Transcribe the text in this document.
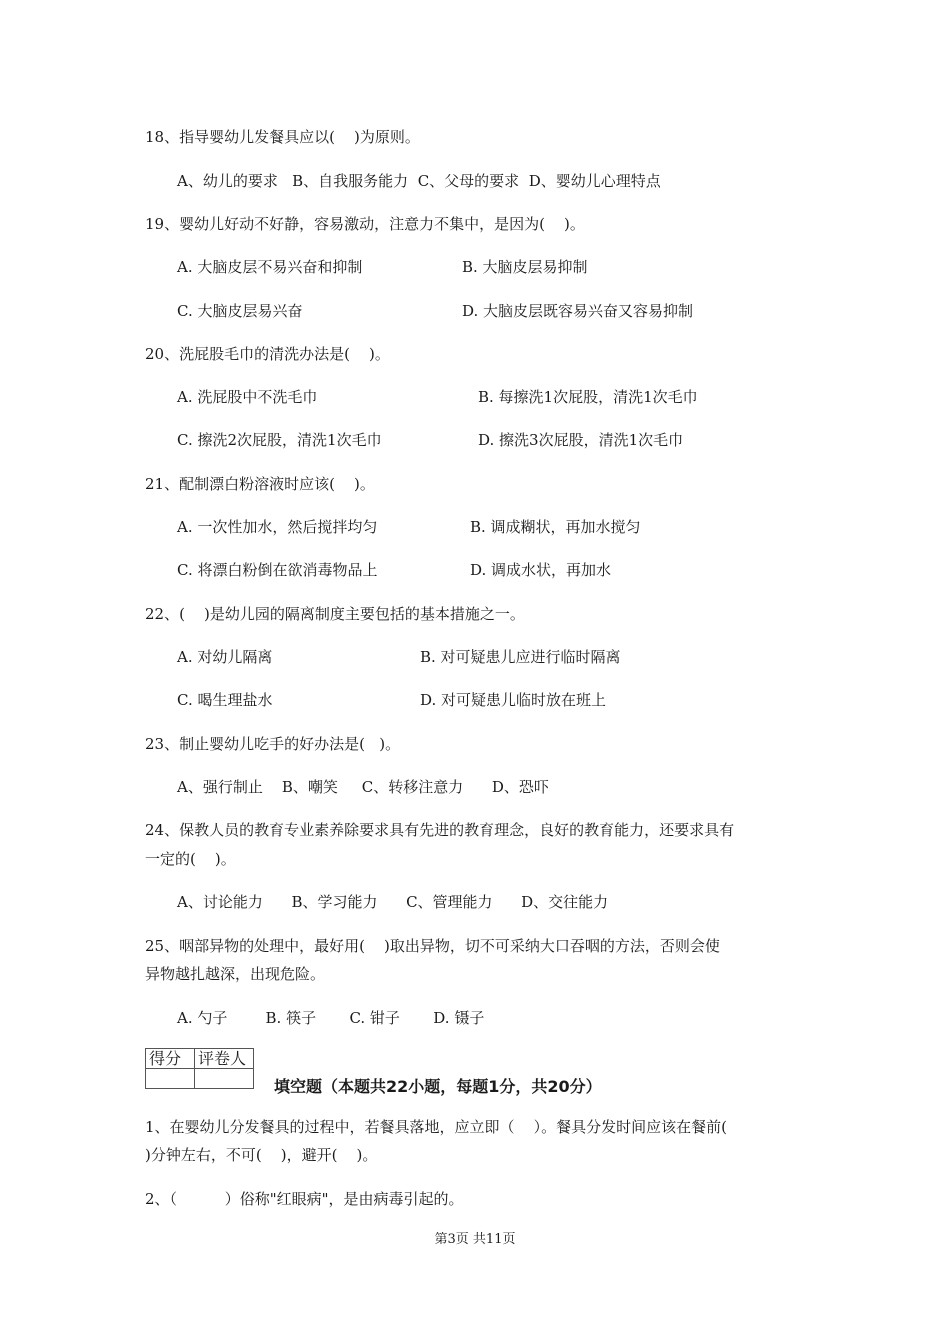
18、指导婴幼儿发餐具应以(    )为原则。
A、幼儿的要求   B、自我服务能力  C、父母的要求  D、婴幼儿心理特点
19、婴幼儿好动不好静，容易激动，注意力不集中，是因为(    )。
A. 大脑皮层不易兴奋和抑制	B. 大脑皮层易抑制
C. 大脑皮层易兴奋	D. 大脑皮层既容易兴奋又容易抑制
20、洗屁股毛巾的清洗办法是(    )。
A. 洗屁股中不洗毛巾	B. 每擦洗1次屁股，清洗1次毛巾
C. 擦洗2次屁股，清洗1次毛巾	D. 擦洗3次屁股，清洗1次毛巾
21、配制漂白粉溶液时应该(    )。
A. 一次性加水，然后搅拌均匀	B. 调成糊状，再加水搅匀
C. 将漂白粉倒在欲消毒物品上	D. 调成水状，再加水
22、(    )是幼儿园的隔离制度主要包括的基本措施之一。
A. 对幼儿隔离	B. 对可疑患儿应进行临时隔离
C. 喝生理盐水	D. 对可疑患儿临时放在班上
23、制止婴幼儿吃手的好办法是(   )。
A、强行制止    B、嘲笑     C、转移注意力      D、恐吓
24、保教人员的教育专业素养除要求具有先进的教育理念，良好的教育能力，还要求具有
一定的(    )。
A、讨论能力      B、学习能力      C、管理能力      D、交往能力
25、咽部异物的处理中，最好用(    )取出异物，切不可采纳大口吞咽的方法，否则会使
异物越扎越深，出现危险。
A. 勺子        B. 筷子       C. 钳子       D. 镊子
得分	评卷人

填空题（本题共22小题，每题1分，共20分）
1、在婴幼儿分发餐具的过程中，若餐具落地，应立即（    ）。餐具分发时间应该在餐前(
)分钟左右，不可(    )，避开(    )。
2、（          ）俗称"红眼病"，是由病毒引起的。
第3页 共11页
